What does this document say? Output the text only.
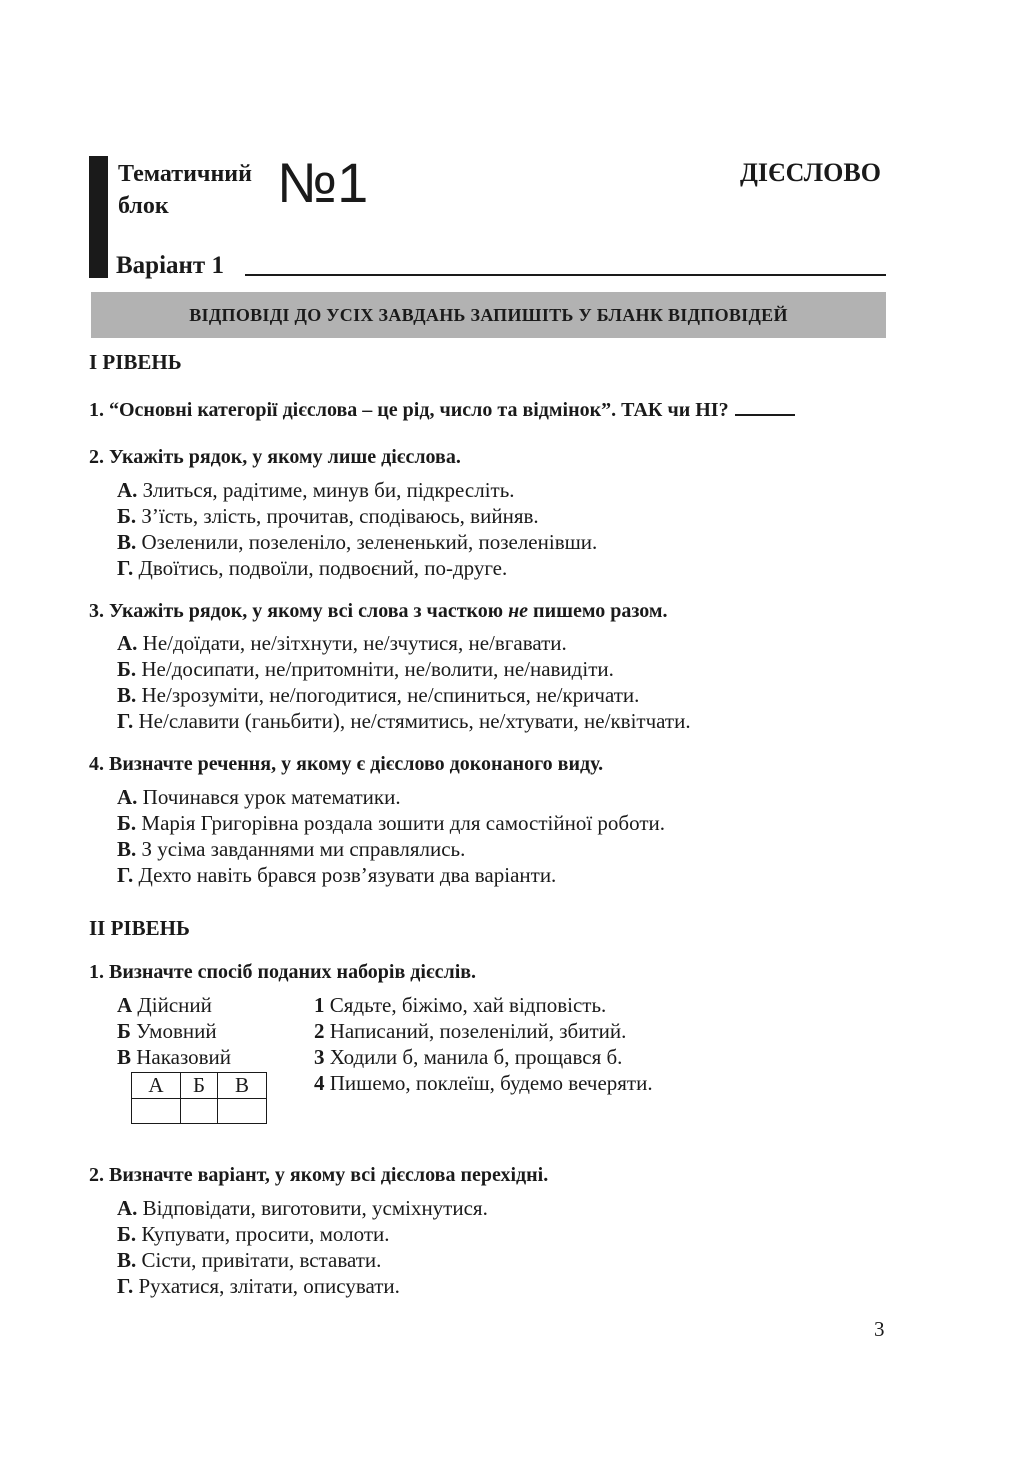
Тематичний
блок	№1	ДІЄСЛОВО
Варіант 1
ВІДПОВІДІ ДО УСІХ ЗАВДАНЬ ЗАПИШІТЬ У БЛАНК ВІДПОВІДЕЙ
І РІВЕНЬ
1. “Основні категорії дієслова – це рід, число та відмінок”. ТАК чи НІ?
2. Укажіть рядок, у якому лише дієслова.
А. Злиться, радітиме, минув би, підкресліть.
Б. З’їсть, злість, прочитав, сподіваюсь, вийняв.
В. Озеленили, позеленіло, зелененький, позеленівши.
Г. Двоїтись, подвоїли, подвоєний, по-друге.
3. Укажіть рядок, у якому всі слова з часткою не пишемо разом.
А. Не/доїдати, не/зітхнути, не/зчутися, не/вгавати.
Б. Не/досипати, не/притомніти, не/волити, не/навидіти.
В. Не/зрозуміти, не/погодитися, не/спиниться, не/кричати.
Г. Не/славити (ганьбити), не/стямитись, не/хтувати, не/квітчати.
4. Визначте речення, у якому є дієслово доконаного виду.
А. Починався урок математики.
Б. Марія Григорівна роздала зошити для самостійної роботи.
В. З усіма завданнями ми справлялись.
Г. Дехто навіть брався розв’язувати два варіанти.
ІІ РІВЕНЬ
1. Визначте спосіб поданих наборів дієслів.
А Дійсний
Б Умовний
В Наказовий
1 Сядьте, біжімо, хай відповість.
2 Написаний, позеленілий, збитий.
3 Ходили б, манила б, прощався б.
4 Пишемо, поклеїш, будемо вечеряти.
А	Б	В

2. Визначте варіант, у якому всі дієслова перехідні.
А. Відповідати, виготовити, усміхнутися.
Б. Купувати, просити, молоти.
В. Сісти, привітати, вставати.
Г. Рухатися, злітати, описувати.
3
